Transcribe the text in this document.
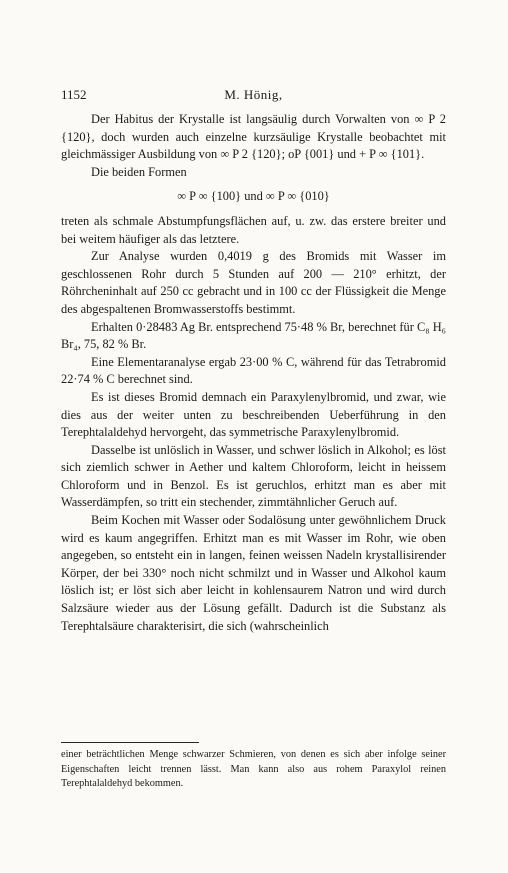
1152	M. Hönig,

Der Habitus der Krystalle ist langsäulig durch Vorwalten von ∞ P 2 {120}, doch wurden auch einzelne kurzsäulige Krystalle beobachtet mit gleichmässiger Ausbildung von ∞ P 2 {120}; oP {001} und + P ∞ {101}.

Die beiden Formen

∞ P ∞ {100} und ∞ P ∞ {010}

treten als schmale Abstumpfungsflächen auf, u. zw. das erstere breiter und bei weitem häufiger als das letztere.

Zur Analyse wurden 0,4019 g des Bromids mit Wasser im geschlossenen Rohr durch 5 Stunden auf 200 — 210° erhitzt, der Röhrcheninhalt auf 250 cc gebracht und in 100 cc der Flüssigkeit die Menge des abgespaltenen Bromwasserstoffs bestimmt.

Erhalten 0·28483 Ag Br. entsprechend 75·48 % Br, berechnet für C₈ H₆ Br₄, 75, 82 % Br.

Eine Elementaranalyse ergab 23·00 % C, während für das Tetrabromid 22·74 % C berechnet sind.

Es ist dieses Bromid demnach ein Paraxylenylbromid, und zwar, wie dies aus der weiter unten zu beschreibenden Ueberführung in den Terephtalaldehyd hervorgeht, das symmetrische Paraxylenylbromid.

Dasselbe ist unlöslich in Wasser, und schwer löslich in Alkohol; es löst sich ziemlich schwer in Aether und kaltem Chloroform, leicht in heissem Chloroform und in Benzol. Es ist geruchlos, erhitzt man es aber mit Wasserdämpfen, so tritt ein stechender, zimmtähnlicher Geruch auf.

Beim Kochen mit Wasser oder Sodalösung unter gewöhnlichem Druck wird es kaum angegriffen. Erhitzt man es mit Wasser im Rohr, wie oben angegeben, so entsteht ein in langen, feinen weissen Nadeln krystallisirender Körper, der bei 330° noch nicht schmilzt und in Wasser und Alkohol kaum löslich ist; er löst sich aber leicht in kohlensaurem Natron und wird durch Salzsäure wieder aus der Lösung gefällt. Dadurch ist die Substanz als Terephtalsäure charakterisirt, die sich (wahrscheinlich

einer beträchtlichen Menge schwarzer Schmieren, von denen es sich aber infolge seiner Eigenschaften leicht trennen lässt. Man kann also aus rohem Paraxylol reinen Terephtalaldehyd bekommen.
